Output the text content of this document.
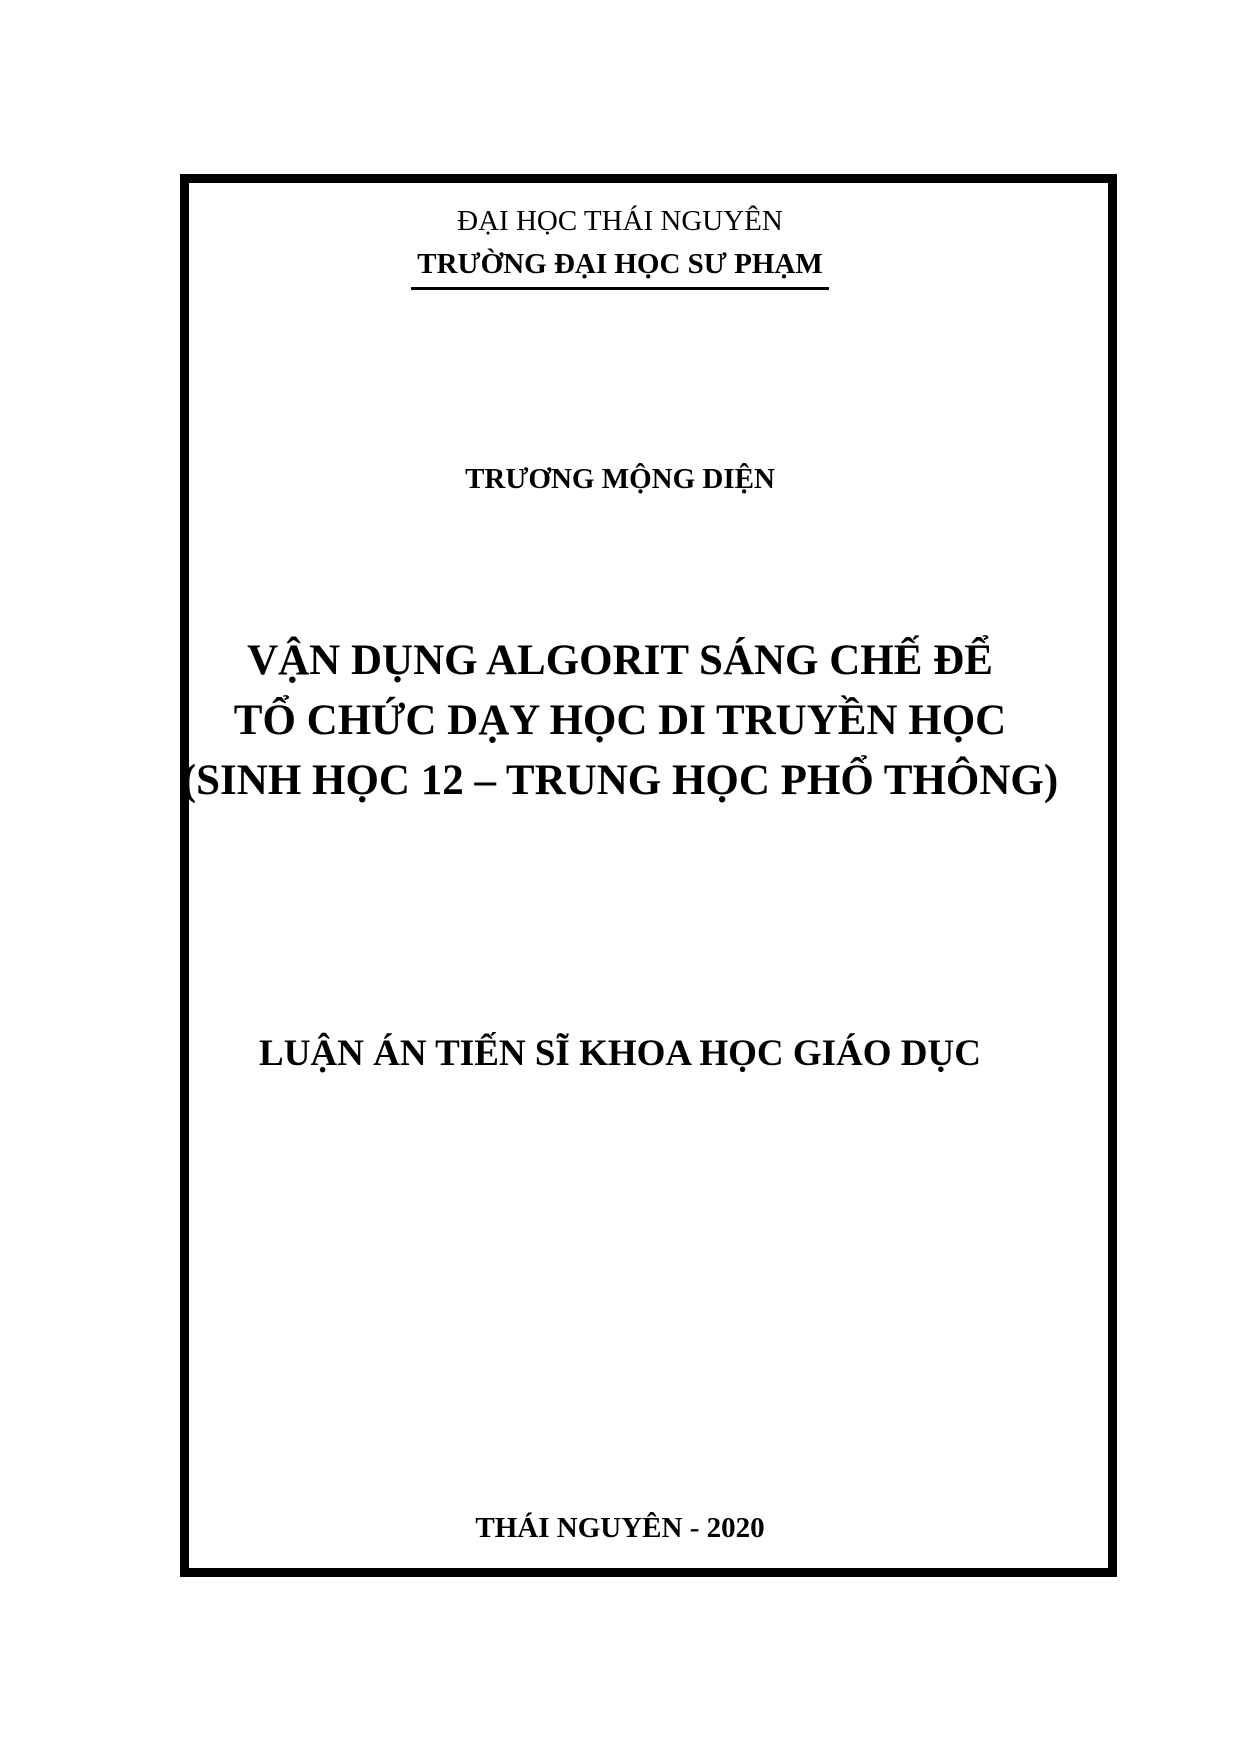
ĐẠI HỌC THÁI NGUYÊN
TRƯỜNG ĐẠI HỌC SƯ PHẠM
TRƯƠNG MỘNG DIỆN
VẬN DỤNG ALGORIT SÁNG CHẾ ĐỂ
TỔ CHỨC DẠY HỌC DI TRUYỀN HỌC
(SINH HỌC 12 – TRUNG HỌC PHỔ THÔNG)
LUẬN ÁN TIẾN SĨ KHOA HỌC GIÁO DỤC
THÁI NGUYÊN - 2020
